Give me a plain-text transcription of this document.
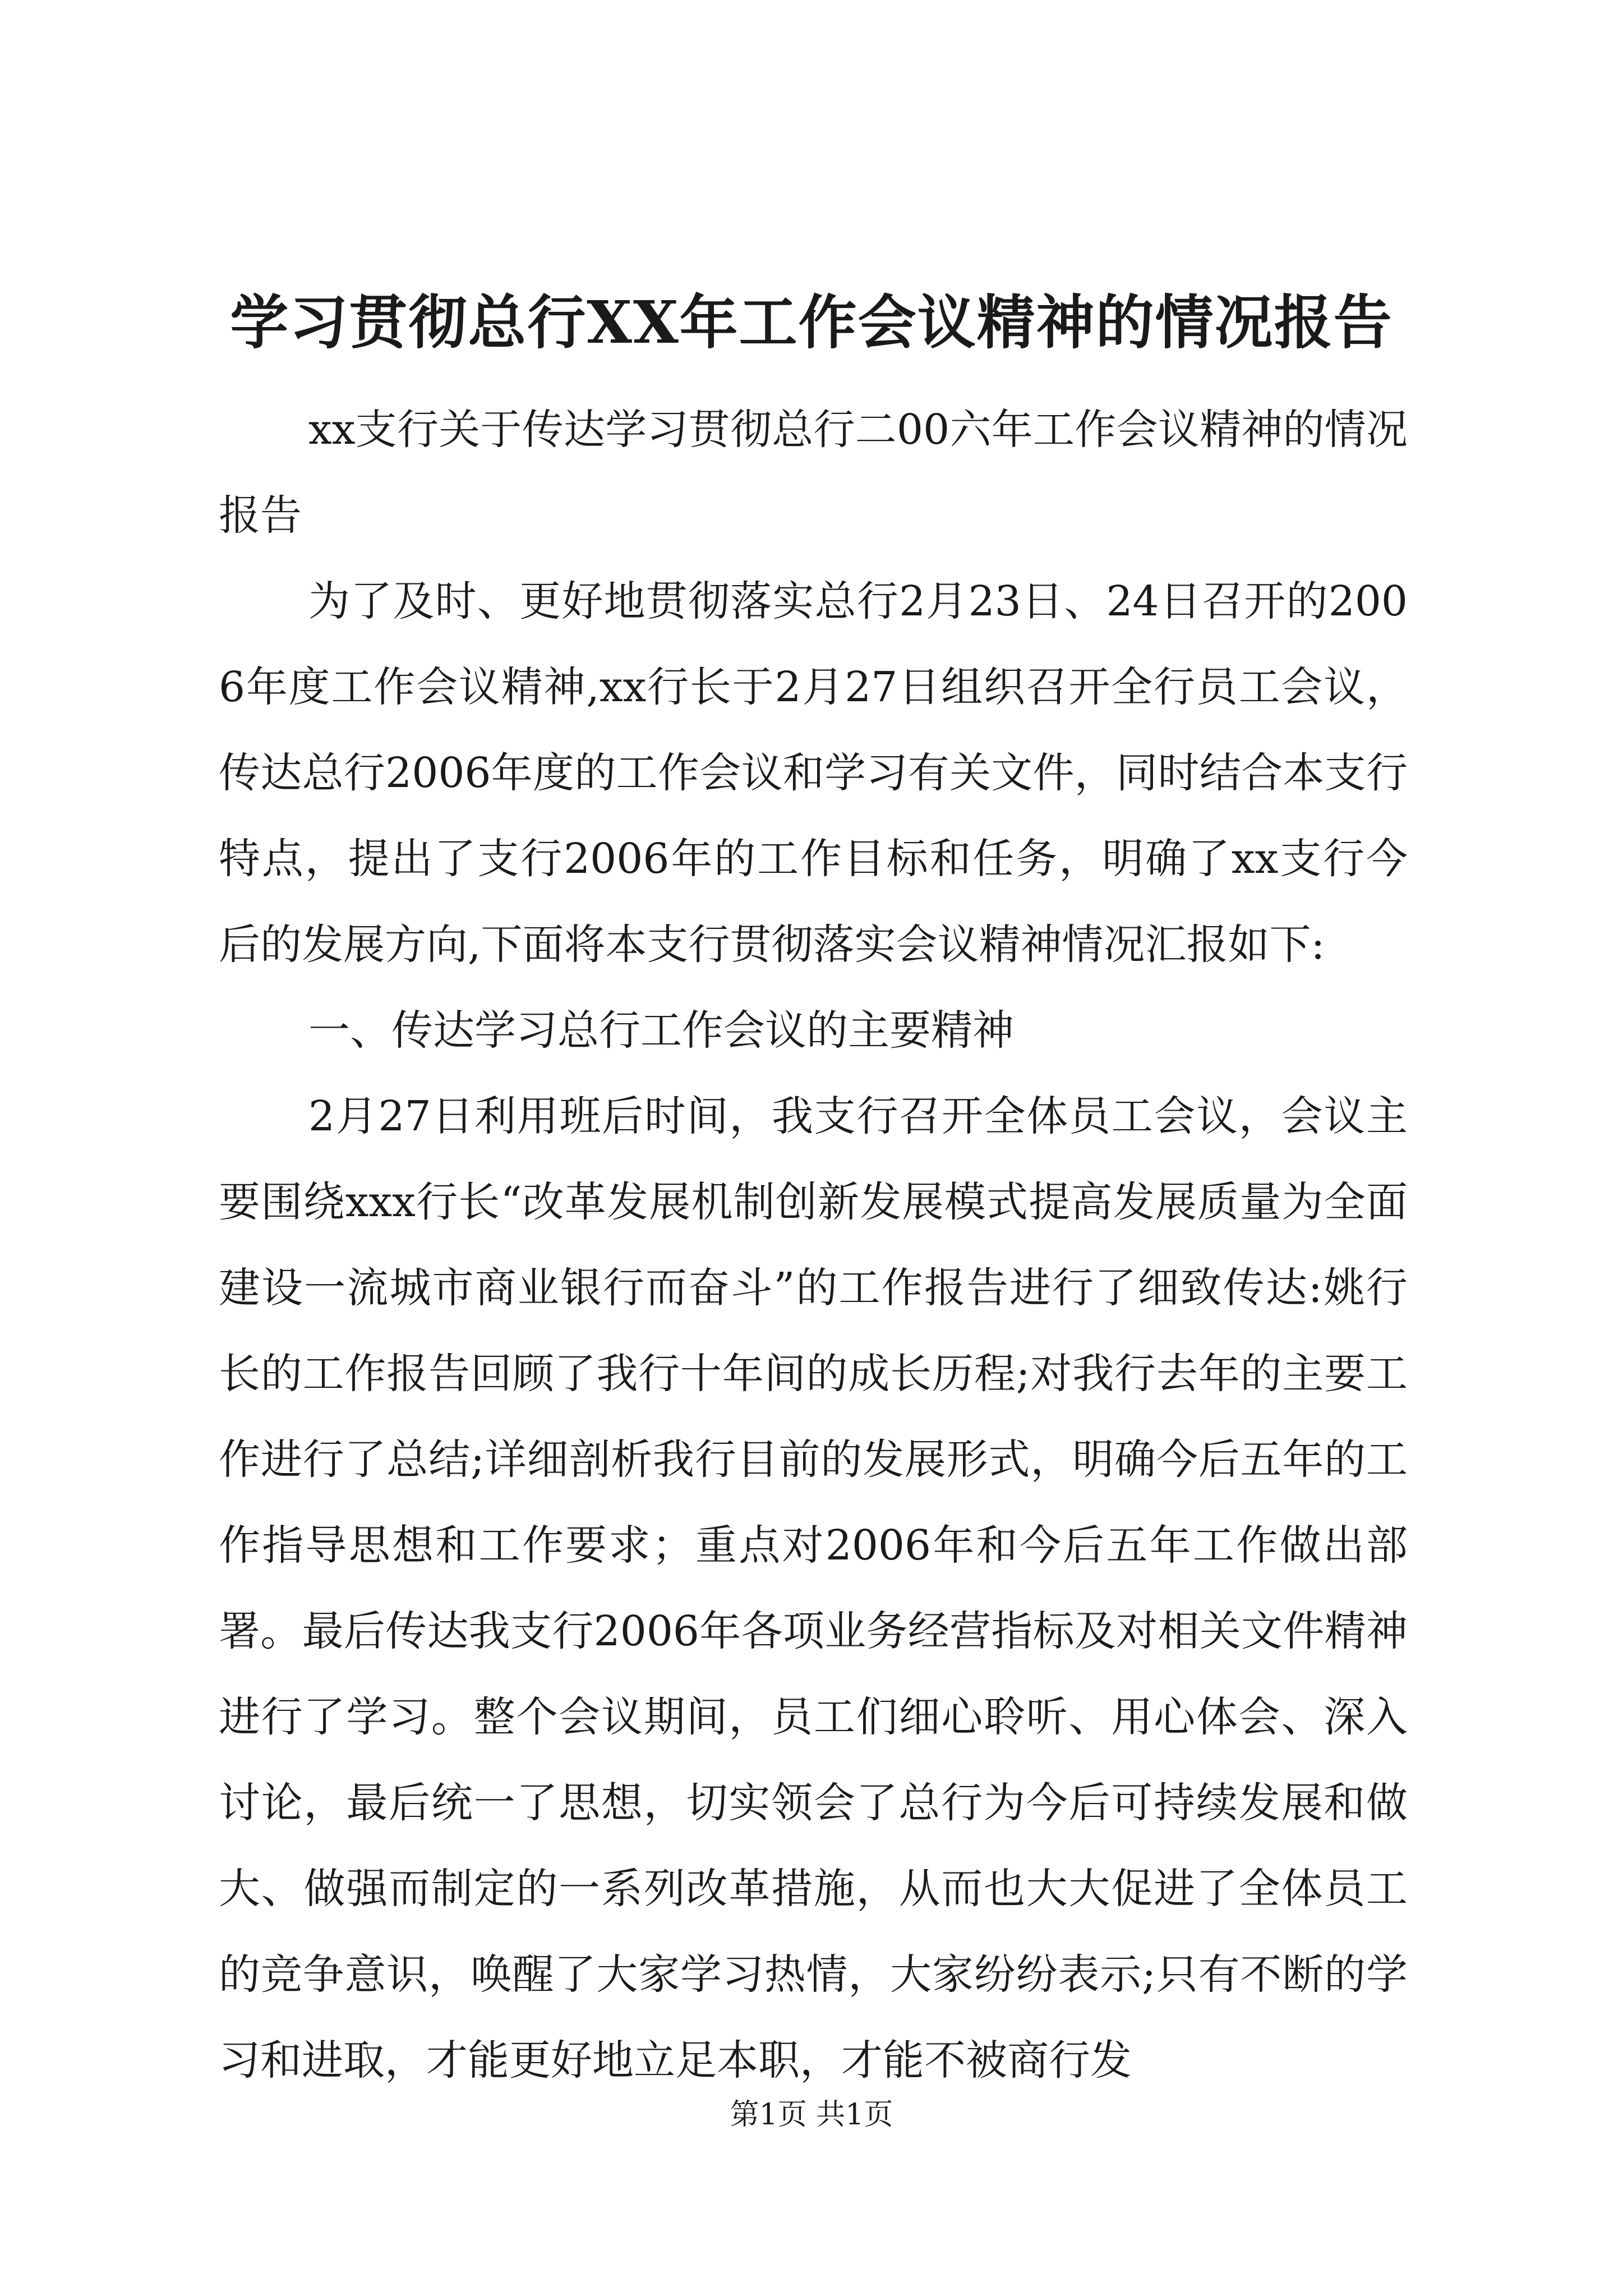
学习贯彻总行XX年工作会议精神的情况报告

xx支行关于传达学习贯彻总行二00六年工作会议精神的情况报告

为了及时、更好地贯彻落实总行2月23日、24日召开的2006年度工作会议精神,xx行长于2月27日组织召开全行员工会议，传达总行2006年度的工作会议和学习有关文件，同时结合本支行特点，提出了支行2006年的工作目标和任务，明确了xx支行今后的发展方向,下面将本支行贯彻落实会议精神情况汇报如下:

一、传达学习总行工作会议的主要精神

2月27日利用班后时间，我支行召开全体员工会议，会议主要围绕xxx行长“改革发展机制创新发展模式提高发展质量为全面建设一流城市商业银行而奋斗”的工作报告进行了细致传达:姚行长的工作报告回顾了我行十年间的成长历程;对我行去年的主要工作进行了总结;详细剖析我行目前的发展形式，明确今后五年的工作指导思想和工作要求；重点对2006年和今后五年工作做出部署。最后传达我支行2006年各项业务经营指标及对相关文件精神进行了学习。整个会议期间，员工们细心聆听、用心体会、深入讨论，最后统一了思想，切实领会了总行为今后可持续发展和做大、做强而制定的一系列改革措施，从而也大大促进了全体员工的竞争意识，唤醒了大家学习热情，大家纷纷表示;只有不断的学习和进取，才能更好地立足本职，才能不被商行发

第1页 共1页
